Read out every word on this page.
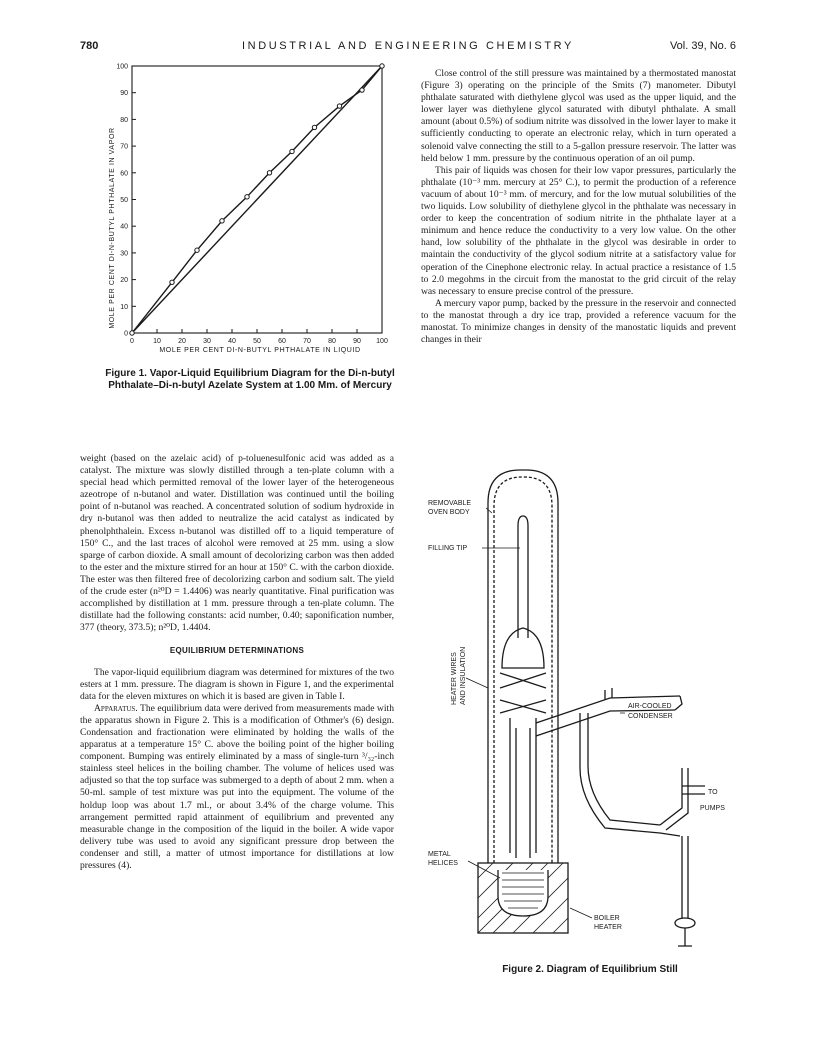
780	INDUSTRIAL AND ENGINEERING CHEMISTRY	Vol. 39, No. 6
0	10 20 30 40 50 60 70 80 90 100
0
10
20
30
40
50
60
70
80
90
100
MOLE PER CENT DI-N-BUTYL PHTHALATE IN VAPOR
MOLE PER CENT DI-N-BUTYL PHTHALATE IN LIQUID
Figure 1. Vapor-Liquid Equilibrium Diagram for the Di-n-butyl Phthalate–Di-n-butyl Azelate System at 1.00 Mm. of Mercury

weight (based on the azelaic acid) of p-toluenesulfonic acid was added as a catalyst. The mixture was slowly distilled through a ten-plate column with a special head which permitted removal of the lower layer of the heterogeneous azeotrope of n-butanol and water. Distillation was continued until the boiling point of n-butanol was reached. A concentrated solution of sodium hydroxide in dry n-butanol was then added to neutralize the acid catalyst as indicated by phenolphthalein. Excess n-butanol was distilled off to a liquid temperature of 150° C., and the last traces of alcohol were removed at 25 mm. using a slow sparge of carbon dioxide. A small amount of decolorizing carbon was then added to the ester and the mixture stirred for an hour at 150° C. with the carbon dioxide. The ester was then filtered free of decolorizing carbon and sodium salt. The yield of the crude ester (n²⁰D = 1.4406) was nearly quantitative. Final purification was accomplished by distillation at 1 mm. pressure through a ten-plate column. The distillate had the following constants: acid number, 0.40; saponification number, 377 (theory, 373.5); n²⁰D, 1.4404.

EQUILIBRIUM DETERMINATIONS

The vapor-liquid equilibrium diagram was determined for mixtures of the two esters at 1 mm. pressure. The diagram is shown in Figure 1, and the experimental data for the eleven mixtures on which it is based are given in Table I.

Apparatus. The equilibrium data were derived from measurements made with the apparatus shown in Figure 2. This is a modification of Othmer's (6) design. Condensation and fractionation were eliminated by holding the walls of the apparatus at a temperature 15° C. above the boiling point of the higher boiling component. Bumping was entirely eliminated by a mass of single-turn ³/₃₂-inch stainless steel helices in the boiling chamber. The volume of helices used was adjusted so that the top surface was submerged to a depth of about 2 mm. when a 50-ml. sample of test mixture was put into the equipment. The volume of the holdup loop was about 1.7 ml., or about 3.4% of the charge volume. This arrangement permitted rapid attainment of equilibrium and prevented any measurable change in the composition of the liquid in the boiler. A wide vapor delivery tube was used to avoid any significant pressure drop between the condenser and still, a matter of utmost importance for distillations at low pressures (4).

Close control of the still pressure was maintained by a thermostated manostat (Figure 3) operating on the principle of the Smits (7) manometer. Dibutyl phthalate saturated with diethylene glycol was used as the upper liquid, and the lower layer was diethylene glycol saturated with dibutyl phthalate. A small amount (about 0.5%) of sodium nitrite was dissolved in the lower layer to make it sufficiently conducting to operate an electronic relay, which in turn operated a solenoid valve connecting the still to a 5-gallon pressure reservoir. The latter was held below 1 mm. pressure by the continuous operation of an oil pump.

This pair of liquids was chosen for their low vapor pressures, particularly the phthalate (10⁻³ mm. mercury at 25° C.), to permit the production of a reference vacuum of about 10⁻³ mm. of mercury, and for the low mutual solubilities of the two liquids. Low solubility of diethylene glycol in the phthalate was necessary in order to keep the concentration of sodium nitrite in the phthalate layer at a minimum and hence reduce the conductivity to a very low value. On the other hand, low solubility of the phthalate in the glycol was desirable in order to maintain the conductivity of the glycol sodium nitrite at a satisfactory value for operation of the Cinephone electronic relay. In actual practice a resistance of 1.5 to 2.0 megohms in the circuit from the manostat to the grid circuit of the relay was necessary to ensure precise control of the pressure.

A mercury vapor pump, backed by the pressure in the reservoir and connected to the manostat through a dry ice trap, provided a reference vacuum for the manostat. To minimize changes in density of the manostatic liquids and prevent changes in their

REMOVABLE
OVEN BODY
FILLING TIP
HEATER WIRES AND INSULATION
AIR-COOLED
CONDENSER
TO
PUMPS
METAL
HELICES
BOILER
HEATER
Figure 2. Diagram of Equilibrium Still
